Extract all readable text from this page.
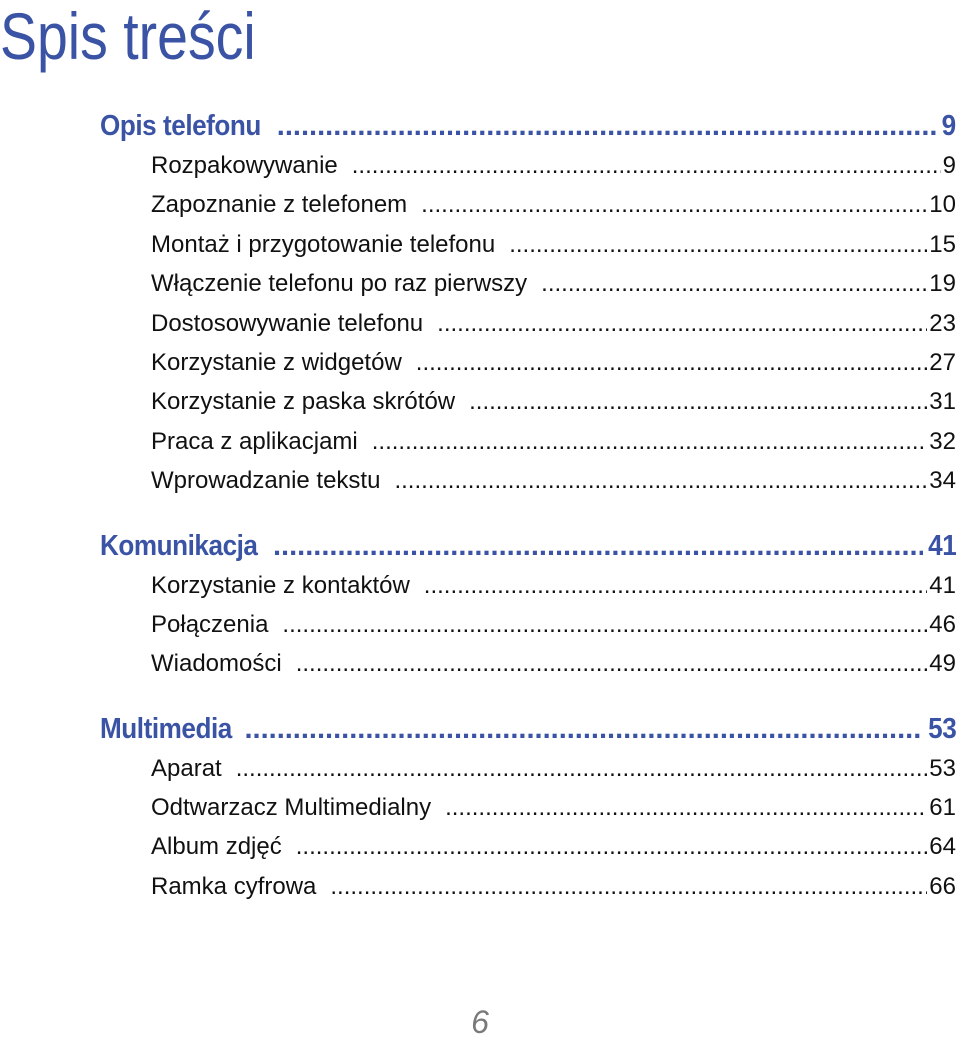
Spis treści
Opis telefonu .....	9
Rozpakowywanie .....	9
Zapoznanie z telefonem .....	10
Montaż i przygotowanie telefonu .....	15
Włączenie telefonu po raz pierwszy .....	19
Dostosowywanie telefonu .....	23
Korzystanie z widgetów .....	27
Korzystanie z paska skrótów .....	31
Praca z aplikacjami .....	32
Wprowadzanie tekstu .....	34
Komunikacja .....	41
Korzystanie z kontaktów .....	41
Połączenia .....	46
Wiadomości .....	49
Multimedia .....	53
Aparat .....	53
Odtwarzacz Multimedialny .....	61
Album zdjęć .....	64
Ramka cyfrowa .....	66
6
